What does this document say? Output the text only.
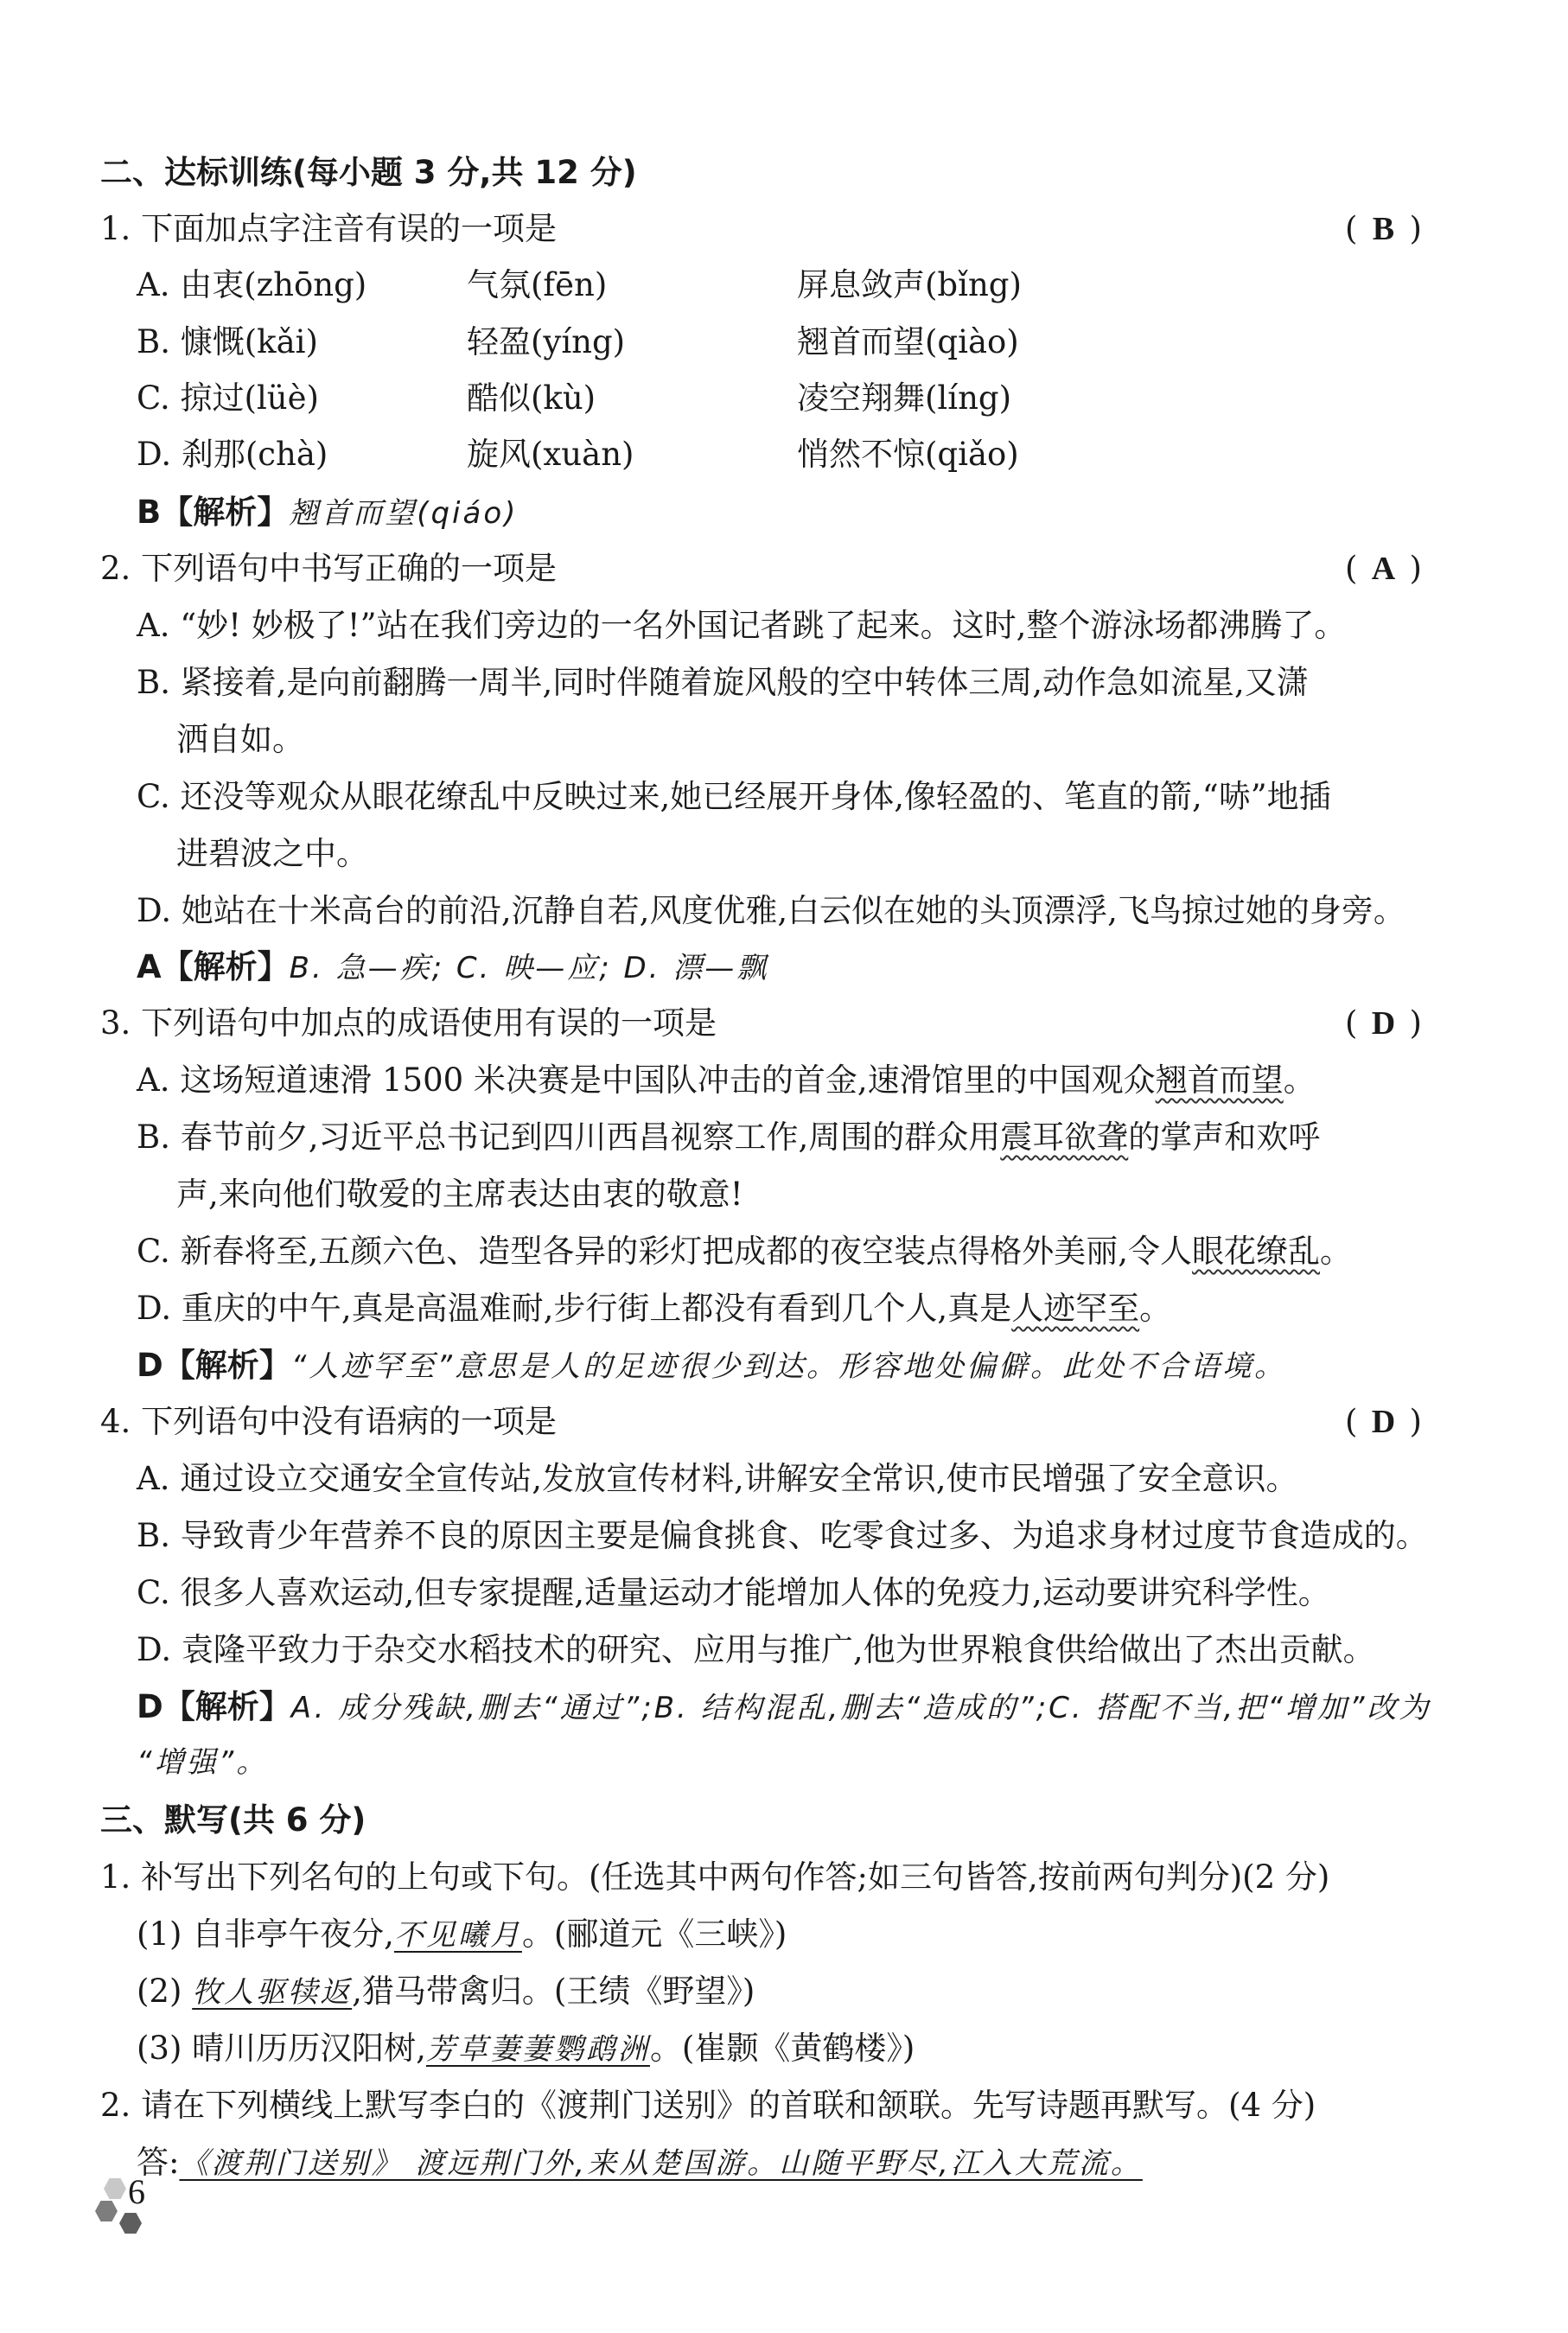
二、达标训练(每小题 3 分,共 12 分)
1. 下面加点字注音有误的一项是	( B )
A. 由衷(zhōng)	气氛(fēn)	屏息敛声(bǐng)
B. 慷慨(kǎi)	轻盈(yíng)	翘首而望(qiào)
C. 掠过(lüè)	酷似(kù)	凌空翔舞(líng)
D. 刹那(chà)	旋风(xuàn)	悄然不惊(qiǎo)
B【解析】翘首而望(qiáo)
2. 下列语句中书写正确的一项是	( A )
A. “妙! 妙极了!”站在我们旁边的一名外国记者跳了起来。这时,整个游泳场都沸腾了。
B. 紧接着,是向前翻腾一周半,同时伴随着旋风般的空中转体三周,动作急如流星,又潇
洒自如。
C. 还没等观众从眼花缭乱中反映过来,她已经展开身体,像轻盈的、笔直的箭,“哧”地插
进碧波之中。
D. 她站在十米高台的前沿,沉静自若,风度优雅,白云似在她的头顶漂浮,飞鸟掠过她的身旁。
A【解析】B. 急—疾; C. 映—应; D. 漂—飘
3. 下列语句中加点的成语使用有误的一项是	( D )
A. 这场短道速滑 1500 米决赛是中国队冲击的首金,速滑馆里的中国观众翘首而望。
B. 春节前夕,习近平总书记到四川西昌视察工作,周围的群众用震耳欲聋的掌声和欢呼
声,来向他们敬爱的主席表达由衷的敬意!
C. 新春将至,五颜六色、造型各异的彩灯把成都的夜空装点得格外美丽,令人眼花缭乱。
D. 重庆的中午,真是高温难耐,步行街上都没有看到几个人,真是人迹罕至。
D【解析】“人迹罕至”意思是人的足迹很少到达。形容地处偏僻。此处不合语境。
4. 下列语句中没有语病的一项是	( D )
A. 通过设立交通安全宣传站,发放宣传材料,讲解安全常识,使市民增强了安全意识。
B. 导致青少年营养不良的原因主要是偏食挑食、吃零食过多、为追求身材过度节食造成的。
C. 很多人喜欢运动,但专家提醒,适量运动才能增加人体的免疫力,运动要讲究科学性。
D. 袁隆平致力于杂交水稻技术的研究、应用与推广,他为世界粮食供给做出了杰出贡献。
D【解析】A. 成分残缺,删去“通过”;B. 结构混乱,删去“造成的”;C. 搭配不当,把“增加”改为
“增强”。
三、默写(共 6 分)
1. 补写出下列名句的上句或下句。(任选其中两句作答;如三句皆答,按前两句判分)(2 分)
(1) 自非亭午夜分,不见曦月。(郦道元《三峡》)
(2) 牧人驱犊返,猎马带禽归。(王绩《野望》)
(3) 晴川历历汉阳树,芳草萋萋鹦鹉洲。(崔颢《黄鹤楼》)
2. 请在下列横线上默写李白的《渡荆门送别》的首联和颔联。先写诗题再默写。(4 分)
答:《渡荆门送别》 渡远荆门外,来从楚国游。山随平野尽,江入大荒流。
6
